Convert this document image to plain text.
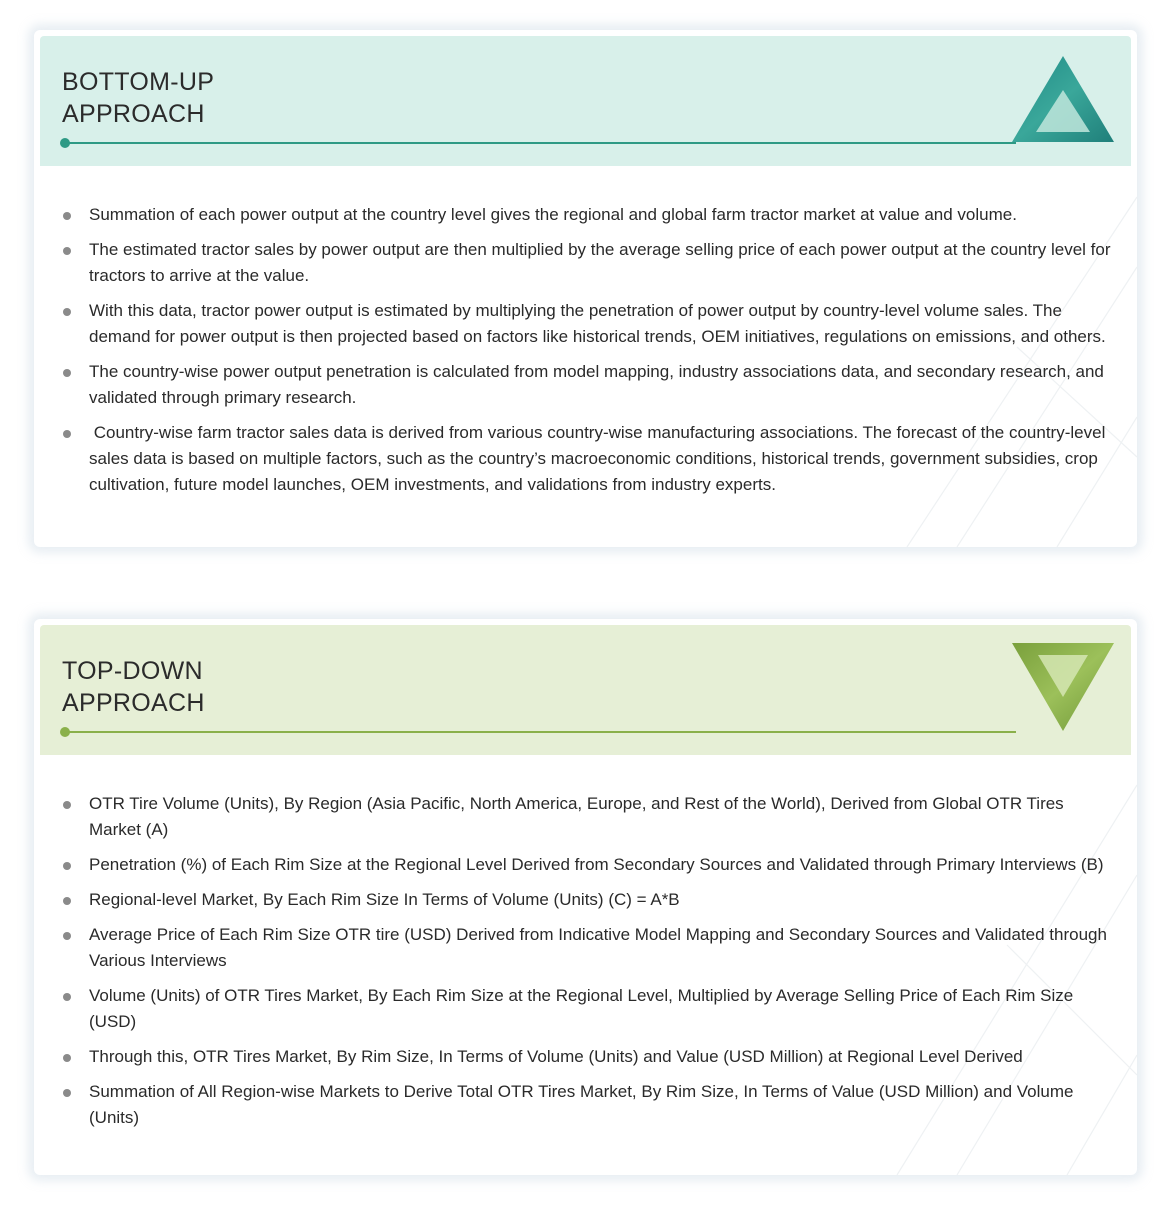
BOTTOM-UP
APPROACH
Summation of each power output at the country level gives the regional and global farm tractor market at value and volume.
The estimated tractor sales by power output are then multiplied by the average selling price of each power output at the country level for tractors to arrive at the value.
With this data, tractor power output is estimated by multiplying the penetration of power output by country-level volume sales. The demand for power output is then projected based on factors like historical trends, OEM initiatives, regulations on emissions, and others.
The country-wise power output penetration is calculated from model mapping, industry associations data, and secondary research, and validated through primary research.
Country-wise farm tractor sales data is derived from various country-wise manufacturing associations. The forecast of the country-level sales data is based on multiple factors, such as the country’s macroeconomic conditions, historical trends, government subsidies, crop cultivation, future model launches, OEM investments, and validations from industry experts.
TOP-DOWN
APPROACH
OTR Tire Volume (Units), By Region (Asia Pacific, North America, Europe, and Rest of the World), Derived from Global OTR Tires Market (A)
Penetration (%) of Each Rim Size at the Regional Level Derived from Secondary Sources and Validated through Primary Interviews (B)
Regional-level Market, By Each Rim Size In Terms of Volume (Units) (C) = A*B
Average Price of Each Rim Size OTR tire (USD) Derived from Indicative Model Mapping and Secondary Sources and Validated through Various Interviews
Volume (Units) of OTR Tires Market, By Each Rim Size at the Regional Level, Multiplied by Average Selling Price of Each Rim Size (USD)
Through this, OTR Tires Market, By Rim Size, In Terms of Volume (Units) and Value (USD Million) at Regional Level Derived
Summation of All Region-wise Markets to Derive Total OTR Tires Market, By Rim Size, In Terms of Value (USD Million) and Volume (Units)
